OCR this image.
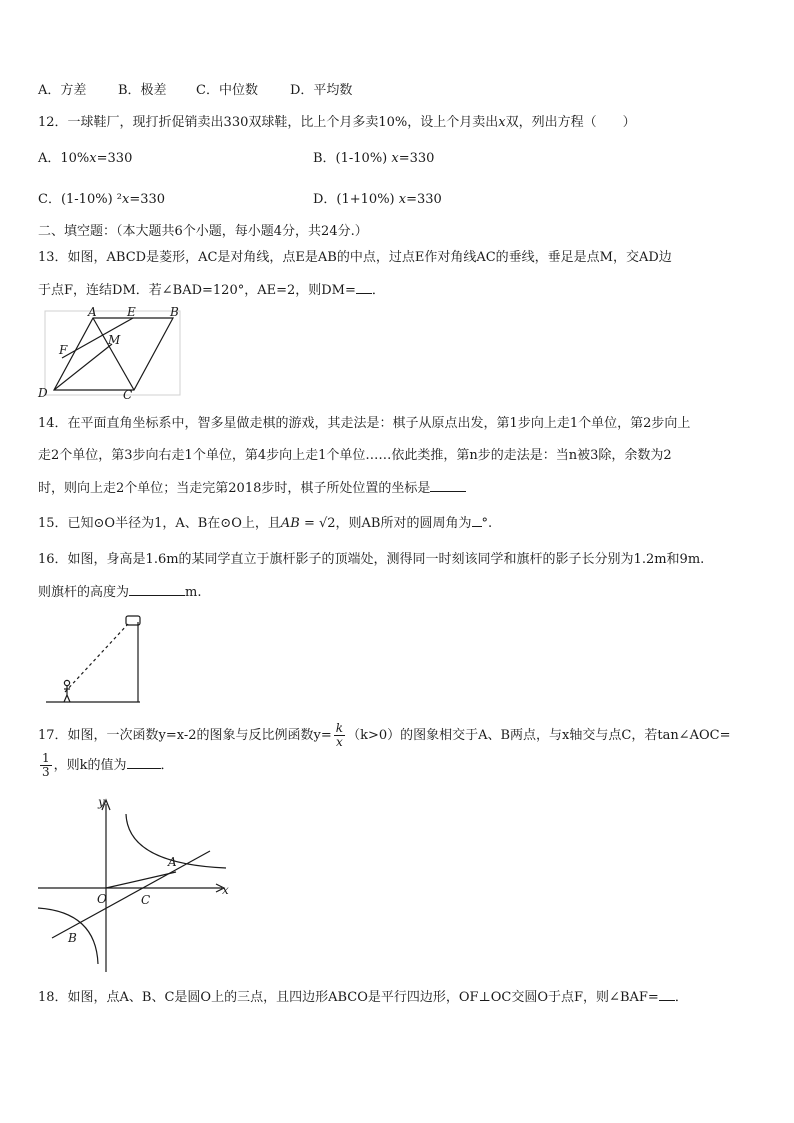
A．方差 B．极差 C．中位数 D．平均数
12．一球鞋厂，现打折促销卖出330双球鞋，比上个月多卖10%，设上个月卖出x双，列出方程（　　）
A．10%x=330	B．(1-10%) x=330
C．(1-10%) ²x=330	D．(1+10%) x=330
二、填空题：（本大题共6个小题，每小题4分，共24分.）
13．如图，ABCD是菱形，AC是对角线，点E是AB的中点，过点E作对角线AC的垂线，垂足是点M，交AD边
于点F，连结DM．若∠BAD=120°，AE=2，则DM= ．
A	E	B
F
M
D	C
14．在平面直角坐标系中，智多星做走棋的游戏，其走法是：棋子从原点出发，第1步向上走1个单位，第2步向上
走2个单位，第3步向右走1个单位，第4步向上走1个单位……依此类推，第n步的走法是：当n被3除，余数为2
时，则向上走2个单位；当走完第2018步时，棋子所处位置的坐标是
15．已知⊙O半径为1，A、B在⊙O上，且AB = √2，则AB所对的圆周角为 °.
16．如图，身高是1.6m的某同学直立于旗杆影子的顶端处，测得同一时刻该同学和旗杆的影子长分别为1.2m和9m.
则旗杆的高度为	m.
17．如图，一次函数y=x-2的图象与反比例函数$y= \frac{k}{x} (k>0)$的图象相交于A、B两点，与x轴交与点C，若tan∠AOC=
$\frac{1}{3}$ ，则k的值为	．
y
x
O
A
B
C
18．如图，点A、B、C是圆O上的三点，且四边形ABCO是平行四边形，OF⊥OC交圆O于点F，则∠BAF= ．
